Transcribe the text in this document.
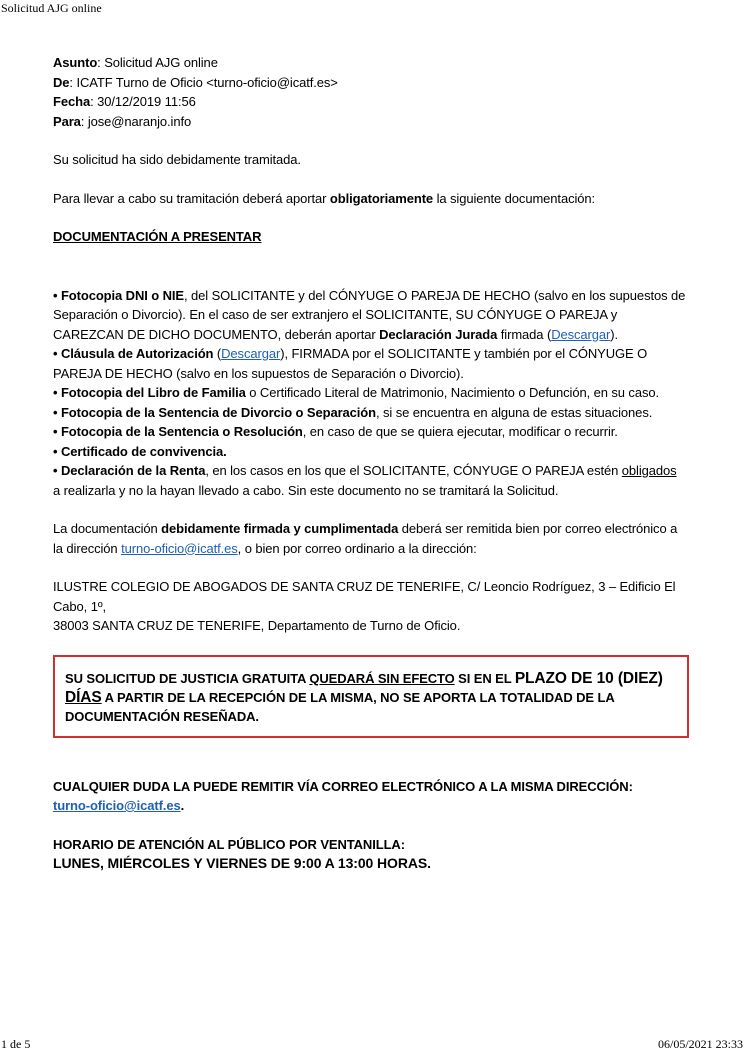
Solicitud AJG online

Asunto: Solicitud AJG online

De: ICATF Turno de Oficio <turno-oficio@icatf.es>

Fecha: 30/12/2019 11:56

Para: jose@naranjo.info

Su solicitud ha sido debidamente tramitada.

Para llevar a cabo su tramitación deberá aportar obligatoriamente la siguiente documentación:

DOCUMENTACIÓN A PRESENTAR

• Fotocopia DNI o NIE, del SOLICITANTE y del CÓNYUGE O PAREJA DE HECHO (salvo en los supuestos de Separación o Divorcio). En el caso de ser extranjero el SOLICITANTE, SU CÓNYUGE O PAREJA y CAREZCAN DE DICHO DOCUMENTO, deberán aportar Declaración Jurada firmada (Descargar).

• Cláusula de Autorización (Descargar), FIRMADA por el SOLICITANTE y también por el CÓNYUGE O PAREJA DE HECHO (salvo en los supuestos de Separación o Divorcio).

• Fotocopia del Libro de Familia o Certificado Literal de Matrimonio, Nacimiento o Defunción, en su caso.

• Fotocopia de la Sentencia de Divorcio o Separación, si se encuentra en alguna de estas situaciones.

• Fotocopia de la Sentencia o Resolución, en caso de que se quiera ejecutar, modificar o recurrir.

• Certificado de convivencia.

• Declaración de la Renta, en los casos en los que el SOLICITANTE, CÓNYUGE O PAREJA estén obligados a realizarla y no la hayan llevado a cabo. Sin este documento no se tramitará la Solicitud.

La documentación debidamente firmada y cumplimentada deberá ser remitida bien por correo electrónico a la dirección turno-oficio@icatf.es, o bien por correo ordinario a la dirección:

ILUSTRE COLEGIO DE ABOGADOS DE SANTA CRUZ DE TENERIFE, C/ Leoncio Rodríguez, 3 – Edificio El Cabo, 1º,

38003 SANTA CRUZ DE TENERIFE, Departamento de Turno de Oficio.

SU SOLICITUD DE JUSTICIA GRATUITA QUEDARÁ SIN EFECTO SI EN EL PLAZO DE 10 (DIEZ) DÍAS A PARTIR DE LA RECEPCIÓN DE LA MISMA, NO SE APORTA LA TOTALIDAD DE LA DOCUMENTACIÓN RESEÑADA.

CUALQUIER DUDA LA PUEDE REMITIR VÍA CORREO ELECTRÓNICO A LA MISMA DIRECCIÓN:
turno-oficio@icatf.es.

HORARIO DE ATENCIÓN AL PÚBLICO POR VENTANILLA:

LUNES, MIÉRCOLES Y VIERNES DE 9:00 A 13:00 HORAS.

1 de 5	06/05/2021 23:33
